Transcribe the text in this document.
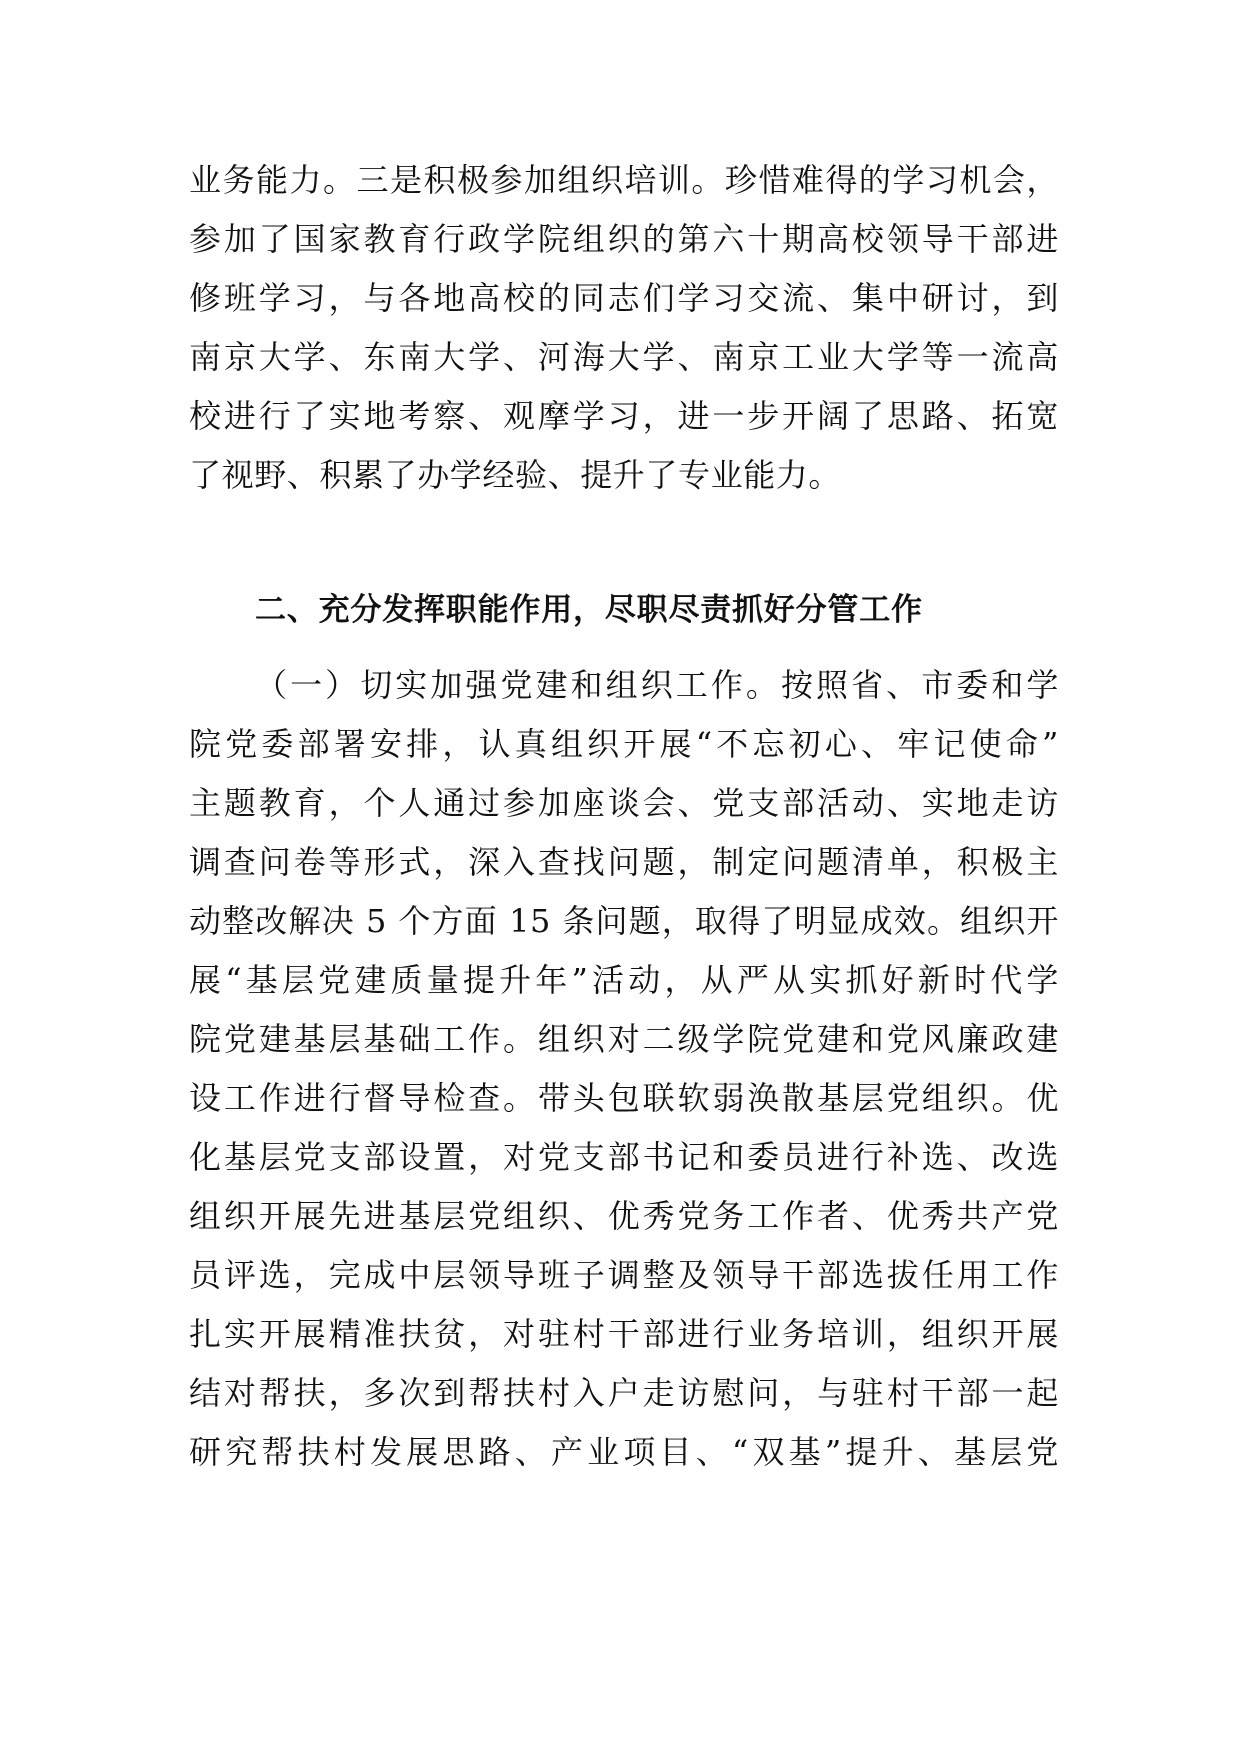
业务能力。三是积极参加组织培训。珍惜难得的学习机会，
参加了国家教育行政学院组织的第六十期高校领导干部进
修班学习，与各地高校的同志们学习交流、集中研讨，到
南京大学、东南大学、河海大学、南京工业大学等一流高
校进行了实地考察、观摩学习，进一步开阔了思路、拓宽
了视野、积累了办学经验、提升了专业能力。
二、充分发挥职能作用，尽职尽责抓好分管工作
（一）切实加强党建和组织工作。按照省、市委和学
院党委部署安排，认真组织开展“不忘初心、牢记使命”
主题教育，个人通过参加座谈会、党支部活动、实地走访
调查问卷等形式，深入查找问题，制定问题清单，积极主
动整改解决 5 个方面 15 条问题，取得了明显成效。组织开
展“基层党建质量提升年”活动，从严从实抓好新时代学
院党建基层基础工作。组织对二级学院党建和党风廉政建
设工作进行督导检查。带头包联软弱涣散基层党组织。优
化基层党支部设置，对党支部书记和委员进行补选、改选
组织开展先进基层党组织、优秀党务工作者、优秀共产党
员评选，完成中层领导班子调整及领导干部选拔任用工作
扎实开展精准扶贫，对驻村干部进行业务培训，组织开展
结对帮扶，多次到帮扶村入户走访慰问，与驻村干部一起
研究帮扶村发展思路、产业项目、“双基”提升、基层党
